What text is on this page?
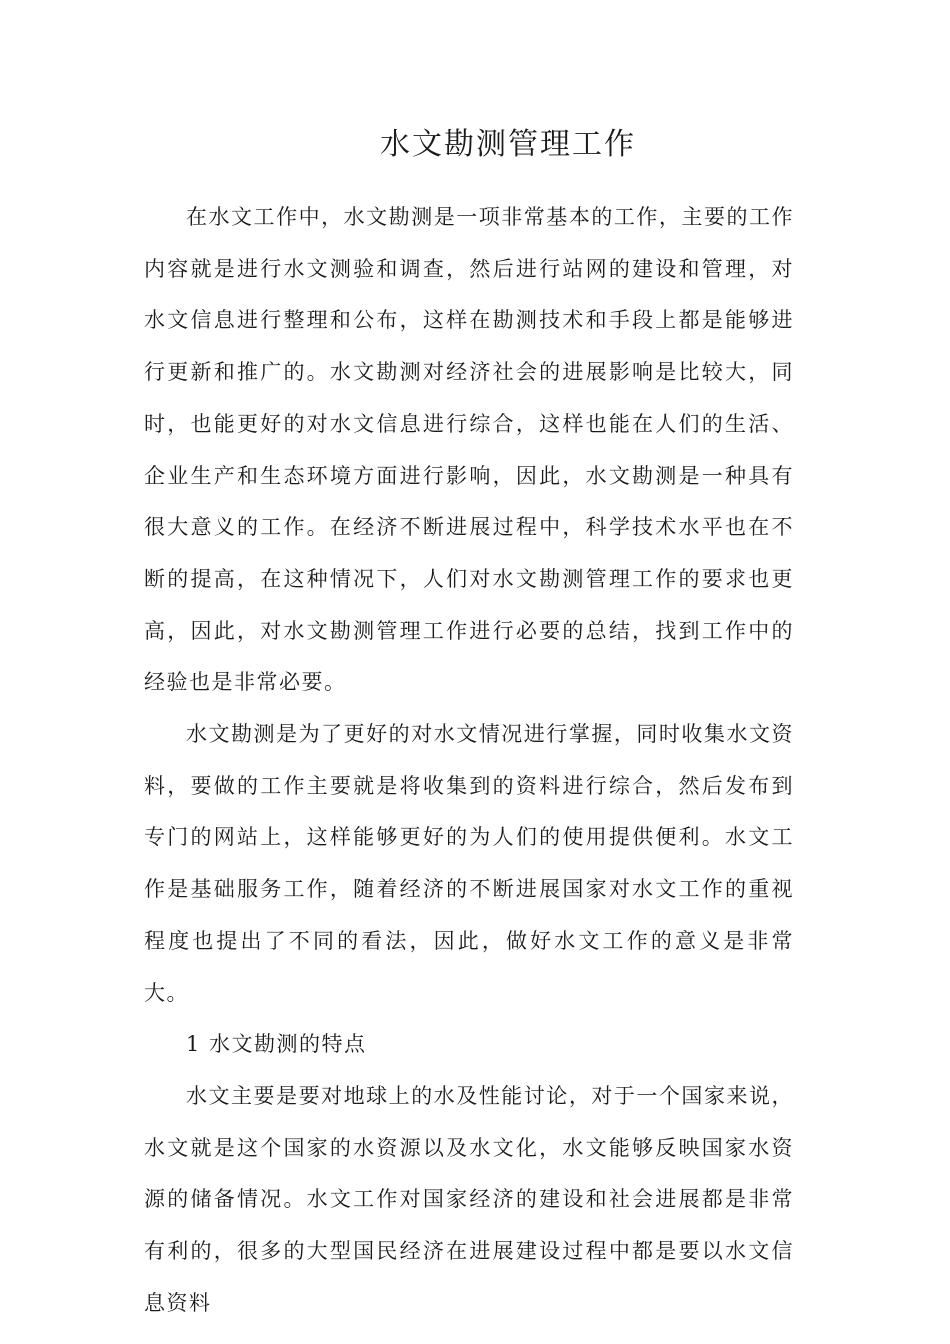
水文勘测管理工作

在水文工作中，水文勘测是一项非常基本的工作，主要的工作内容就是进行水文测验和调查，然后进行站网的建设和管理，对水文信息进行整理和公布，这样在勘测技术和手段上都是能够进行更新和推广的。水文勘测对经济社会的进展影响是比较大，同时，也能更好的对水文信息进行综合，这样也能在人们的生活、企业生产和生态环境方面进行影响，因此，水文勘测是一种具有很大意义的工作。在经济不断进展过程中，科学技术水平也在不断的提高，在这种情况下，人们对水文勘测管理工作的要求也更高，因此，对水文勘测管理工作进行必要的总结，找到工作中的经验也是非常必要。

水文勘测是为了更好的对水文情况进行掌握，同时收集水文资料，要做的工作主要就是将收集到的资料进行综合，然后发布到专门的网站上，这样能够更好的为人们的使用提供便利。水文工作是基础服务工作，随着经济的不断进展国家对水文工作的重视程度也提出了不同的看法，因此，做好水文工作的意义是非常大。

1 水文勘测的特点

水文主要是要对地球上的水及性能讨论，对于一个国家来说，水文就是这个国家的水资源以及水文化，水文能够反映国家水资源的储备情况。水文工作对国家经济的建设和社会进展都是非常有利的，很多的大型国民经济在进展建设过程中都是要以水文信息资料
